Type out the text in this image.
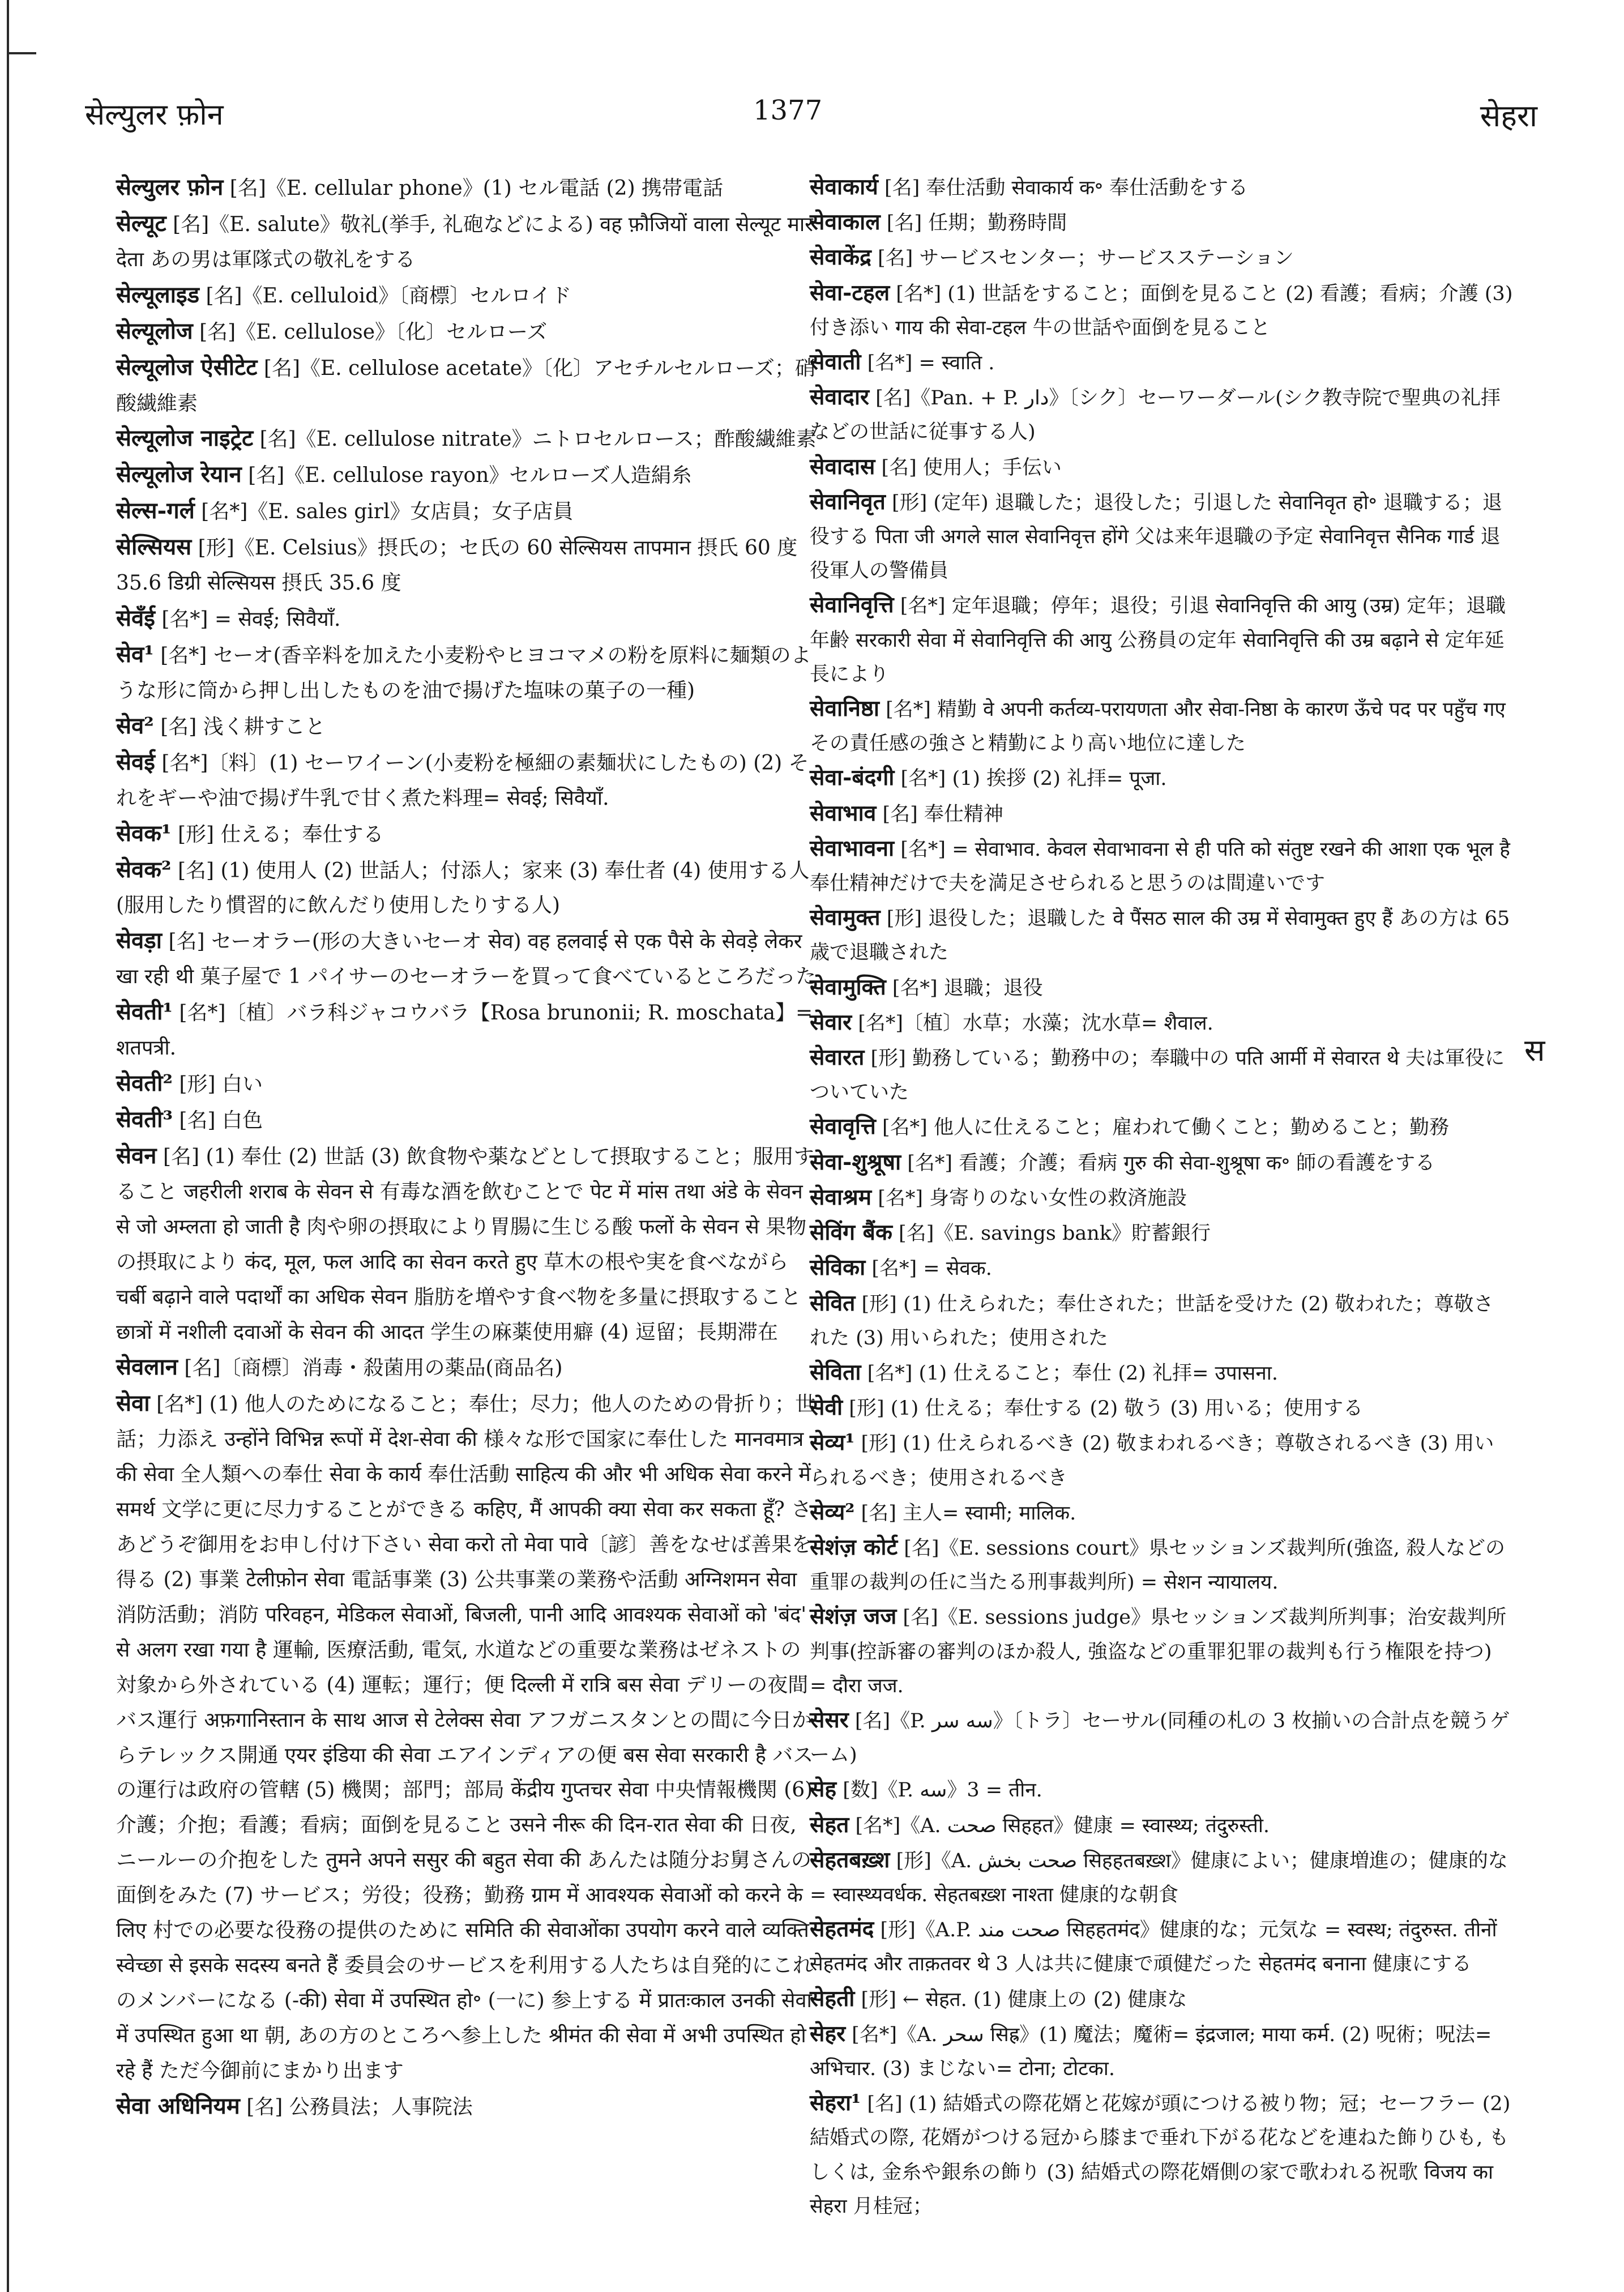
सेल्युलर फ़ोन	1377	सेहरा

सेल्युलर फ़ोन [名]《E. cellular phone》(1) セル電話 (2) 携帯電話

सेल्यूट [名]《E. salute》敬礼(挙手, 礼砲などによる) वह फ़ौजियों वाला सेल्यूट मार देता あの男は軍隊式の敬礼をする

सेल्यूलाइड [名]《E. celluloid》〔商標〕セルロイド

सेल्यूलोज [名]《E. cellulose》〔化〕セルローズ

सेल्यूलोज ऐसीटेट [名]《E. cellulose acetate》〔化〕アセチルセルローズ；硝酸繊維素

सेल्यूलोज नाइट्रेट [名]《E. cellulose nitrate》ニトロセルロース；酢酸繊維素

सेल्यूलोज रेयान [名]《E. cellulose rayon》セルローズ人造絹糸

सेल्स-गर्ल [名*]《E. sales girl》女店員；女子店員

सेल्सियस [形]《E. Celsius》摂氏の；セ氏の 60 सेल्सियस तापमान 摂氏 60 度 35.6 डिग्री सेल्सियस 摂氏 35.6 度

सेवँई [名*] = सेवई; सिवैयाँ.

सेव¹ [名*] セーオ(香辛料を加えた小麦粉やヒヨコマメの粉を原料に麺類のような形に筒から押し出したものを油で揚げた塩味の菓子の一種)

सेव² [名] 浅く耕すこと

सेवई [名*]〔料〕(1) セーワイーン(小麦粉を極細の素麺状にしたもの) (2) それをギーや油で揚げ牛乳で甘く煮た料理= सेवई; सिवैयाँ.

सेवक¹ [形] 仕える；奉仕する

सेवक² [名] (1) 使用人 (2) 世話人；付添人；家来 (3) 奉仕者 (4) 使用する人(服用したり慣習的に飲んだり使用したりする人)

सेवड़ा [名] セーオラー(形の大きいセーオ सेव) वह हलवाई से एक पैसे के सेवड़े लेकर खा रही थी 菓子屋で 1 パイサーのセーオラーを買って食べているところだった

सेवती¹ [名*]〔植〕バラ科ジャコウバラ【Rosa brunonii; R. moschata】= शतपत्री.

सेवती² [形] 白い

सेवती³ [名] 白色

सेवन [名] (1) 奉仕 (2) 世話 (3) 飲食物や薬などとして摂取すること；服用すること जहरीली शराब के सेवन से 有毒な酒を飲むことで पेट में मांस तथा अंडे के सेवन से जो अम्लता हो जाती है 肉や卵の摂取により胃腸に生じる酸 फलों के सेवन से 果物の摂取により कंद, मूल, फल आदि का सेवन करते हुए 草木の根や実を食べながら चर्बी बढ़ाने वाले पदार्थों का अधिक सेवन 脂肪を増やす食べ物を多量に摂取すること छात्रों में नशीली दवाओं के सेवन की आदत 学生の麻薬使用癖 (4) 逗留；長期滞在

सेवलान [名]〔商標〕消毒・殺菌用の薬品(商品名)

सेवा [名*] (1) 他人のためになること；奉仕；尽力；他人のための骨折り；世話；力添え उन्होंने विभिन्न रूपों में देश-सेवा की 様々な形で国家に奉仕した मानवमात्र की सेवा 全人類への奉仕 सेवा के कार्य 奉仕活動 साहित्य की और भी अधिक सेवा करने में समर्थ 文学に更に尽力することができる कहिए, मैं आपकी क्या सेवा कर सकता हूँ? さあどうぞ御用をお申し付け下さい सेवा करो तो मेवा पावे〔諺〕善をなせば善果を得る (2) 事業 टेलीफ़ोन सेवा 電話事業 (3) 公共事業の業務や活動 अग्निशमन सेवा 消防活動；消防 परिवहन, मेडिकल सेवाओं, बिजली, पानी आदि आवश्यक सेवाओं को 'बंद' से अलग रखा गया है 運輸, 医療活動, 電気, 水道などの重要な業務はゼネストの対象から外されている (4) 運転；運行；便 दिल्ली में रात्रि बस सेवा デリーの夜間バス運行 अफ़गानिस्तान के साथ आज से टेलेक्स सेवा アフガニスタンとの間に今日からテレックス開通 एयर इंडिया की सेवा エアインディアの便 बस सेवा सरकारी है バスの運行は政府の管轄 (5) 機関；部門；部局 केंद्रीय गुप्तचर सेवा 中央情報機関 (6) 介護；介抱；看護；看病；面倒を見ること उसने नीरू की दिन-रात सेवा की 日夜, ニールーの介抱をした तुमने अपने ससुर की बहुत सेवा की あんたは随分お舅さんの面倒をみた (7) サービス；労役；役務；勤務 ग्राम में आवश्यक सेवाओं को करने के लिए 村での必要な役務の提供のために समिति की सेवाओंका उपयोग करने वाले व्यक्ति स्वेच्छा से इसके सदस्य बनते हैं 委員会のサービスを利用する人たちは自発的にこれのメンバーになる (-की) सेवा में उपस्थित हो॰ (一に) 参上する में प्रातःकाल उनकी सेवा में उपस्थित हुआ था 朝, あの方のところへ参上した श्रीमंत की सेवा में अभी उपस्थित हो रहे हैं ただ今御前にまかり出ます

सेवा अधिनियम [名] 公務員法；人事院法

सेवाकार्य [名] 奉仕活動 सेवाकार्य क॰ 奉仕活動をする

सेवाकाल [名] 任期；勤務時間

सेवाकेंद्र [名] サービスセンター；サービスステーション

सेवा-टहल [名*] (1) 世話をすること；面倒を見ること (2) 看護；看病；介護 (3) 付き添い गाय की सेवा-टहल 牛の世話や面倒を見ること

सेवाती [名*] = स्वाति .

सेवादार [名]《Pan. + P. دار》〔シク〕セーワーダール(シク教寺院で聖典の礼拝などの世話に従事する人)

सेवादास [名] 使用人；手伝い

सेवानिवृत [形] (定年) 退職した；退役した；引退した सेवानिवृत हो॰ 退職する；退役する पिता जी अगले साल सेवानिवृत्त होंगे 父は来年退職の予定 सेवानिवृत्त सैनिक गार्ड 退役軍人の警備員

सेवानिवृत्ति [名*] 定年退職；停年；退役；引退 सेवानिवृत्ति की आयु (उम्र) 定年；退職年齢 सरकारी सेवा में सेवानिवृत्ति की आयु 公務員の定年 सेवानिवृत्ति की उम्र बढ़ाने से 定年延長により

सेवानिष्ठा [名*] 精勤 वे अपनी कर्तव्य-परायणता और सेवा-निष्ठा के कारण ऊँचे पद पर पहुँच गए その責任感の強さと精勤により高い地位に達した

सेवा-बंदगी [名*] (1) 挨拶 (2) 礼拝= पूजा.

सेवाभाव [名] 奉仕精神

सेवाभावना [名*] = सेवाभाव. केवल सेवाभावना से ही पति को संतुष्ट रखने की आशा एक भूल है 奉仕精神だけで夫を満足させられると思うのは間違いです

सेवामुक्त [形] 退役した；退職した वे पैंसठ साल की उम्र में सेवामुक्त हुए हैं あの方は 65 歳で退職された

सेवामुक्ति [名*] 退職；退役

सेवार [名*]〔植〕水草；水藻；沈水草= शैवाल.

सेवारत [形] 勤務している；勤務中の；奉職中の पति आर्मी में सेवारत थे 夫は軍役についていた

सेवावृत्ति [名*] 他人に仕えること；雇われて働くこと；勤めること；勤務

सेवा-शुश्रूषा [名*] 看護；介護；看病 गुरु की सेवा-शुश्रूषा क॰ 師の看護をする

सेवाश्रम [名*] 身寄りのない女性の救済施設

सेविंग बैंक [名]《E. savings bank》貯蓄銀行

सेविका [名*] = सेवक.

सेवित [形] (1) 仕えられた；奉仕された；世話を受けた (2) 敬われた；尊敬された (3) 用いられた；使用された

सेविता [名*] (1) 仕えること；奉仕 (2) 礼拝= उपासना.

सेवी [形] (1) 仕える；奉仕する (2) 敬う (3) 用いる；使用する

सेव्य¹ [形] (1) 仕えられるべき (2) 敬まわれるべき；尊敬されるべき (3) 用いられるべき；使用されるべき

सेव्य² [名] 主人= स्वामी; मालिक.

सेशंज़ कोर्ट [名]《E. sessions court》県セッションズ裁判所(強盗, 殺人などの重罪の裁判の任に当たる刑事裁判所) = सेशन न्यायालय.

सेशंज़ जज [名]《E. sessions judge》県セッションズ裁判所判事；治安裁判所判事(控訴審の審判のほか殺人, 強盗などの重罪犯罪の裁判も行う権限を持つ) = दौरा जज.

सेसर [名]《P. سه سر》〔トラ〕セーサル(同種の札の 3 枚揃いの合計点を競うゲーム)

सेह [数]《P. سه》3 = तीन.

सेहत [名*]《A. صحت सिहहत》健康 = स्वास्थ्य; तंदुरुस्ती.

सेहतबख़्श [形]《A. صحت بخش सिहहतबख़्श》健康によい；健康増進の；健康的な= स्वास्थ्यवर्धक. सेहतबख़्श नाश्ता 健康的な朝食

सेहतमंद [形]《A.P. صحت مند सिहहतमंद》健康的な；元気な = स्वस्थ; तंदुरुस्त. तीनों सेहतमंद और ताक़तवर थे 3 人は共に健康で頑健だった सेहतमंद बनाना 健康にする

सेहती [形] ← सेहत. (1) 健康上の (2) 健康な

सेहर [名*]《A. سحر सिह्र》(1) 魔法；魔術= इंद्रजाल; माया कर्म. (2) 呪術；呪法= अभिचार. (3) まじない= टोना; टोटका.

सेहरा¹ [名] (1) 結婚式の際花婿と花嫁が頭につける被り物；冠；セーフラー (2) 結婚式の際, 花婿がつける冠から膝まで垂れ下がる花などを連ねた飾りひも, もしくは, 金糸や銀糸の飾り (3) 結婚式の際花婿側の家で歌われる祝歌 विजय का सेहरा 月桂冠；

स
